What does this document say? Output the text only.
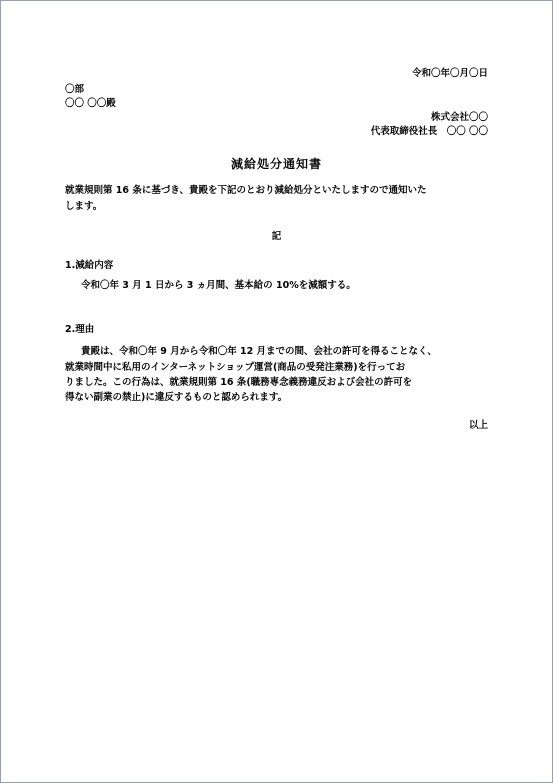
令和〇年〇月〇日
〇部
〇〇 〇〇殿
株式会社〇〇
代表取締役社長　〇〇 〇〇
減給処分通知書
就業規則第 16 条に基づき、貴殿を下記のとおり減給処分といたしますので通知いた
します。
記
1.減給内容
令和〇年 3 月 1 日から 3 ヵ月間、基本給の 10%を減額する。
2.理由
貴殿は、令和〇年 9 月から令和〇年 12 月までの間、会社の許可を得ることなく、
就業時間中に私用のインターネットショップ運営(商品の受発注業務)を行ってお
りました。この行為は、就業規則第 16 条(職務専念義務違反および会社の許可を
得ない副業の禁止)に違反するものと認められます。
以上
